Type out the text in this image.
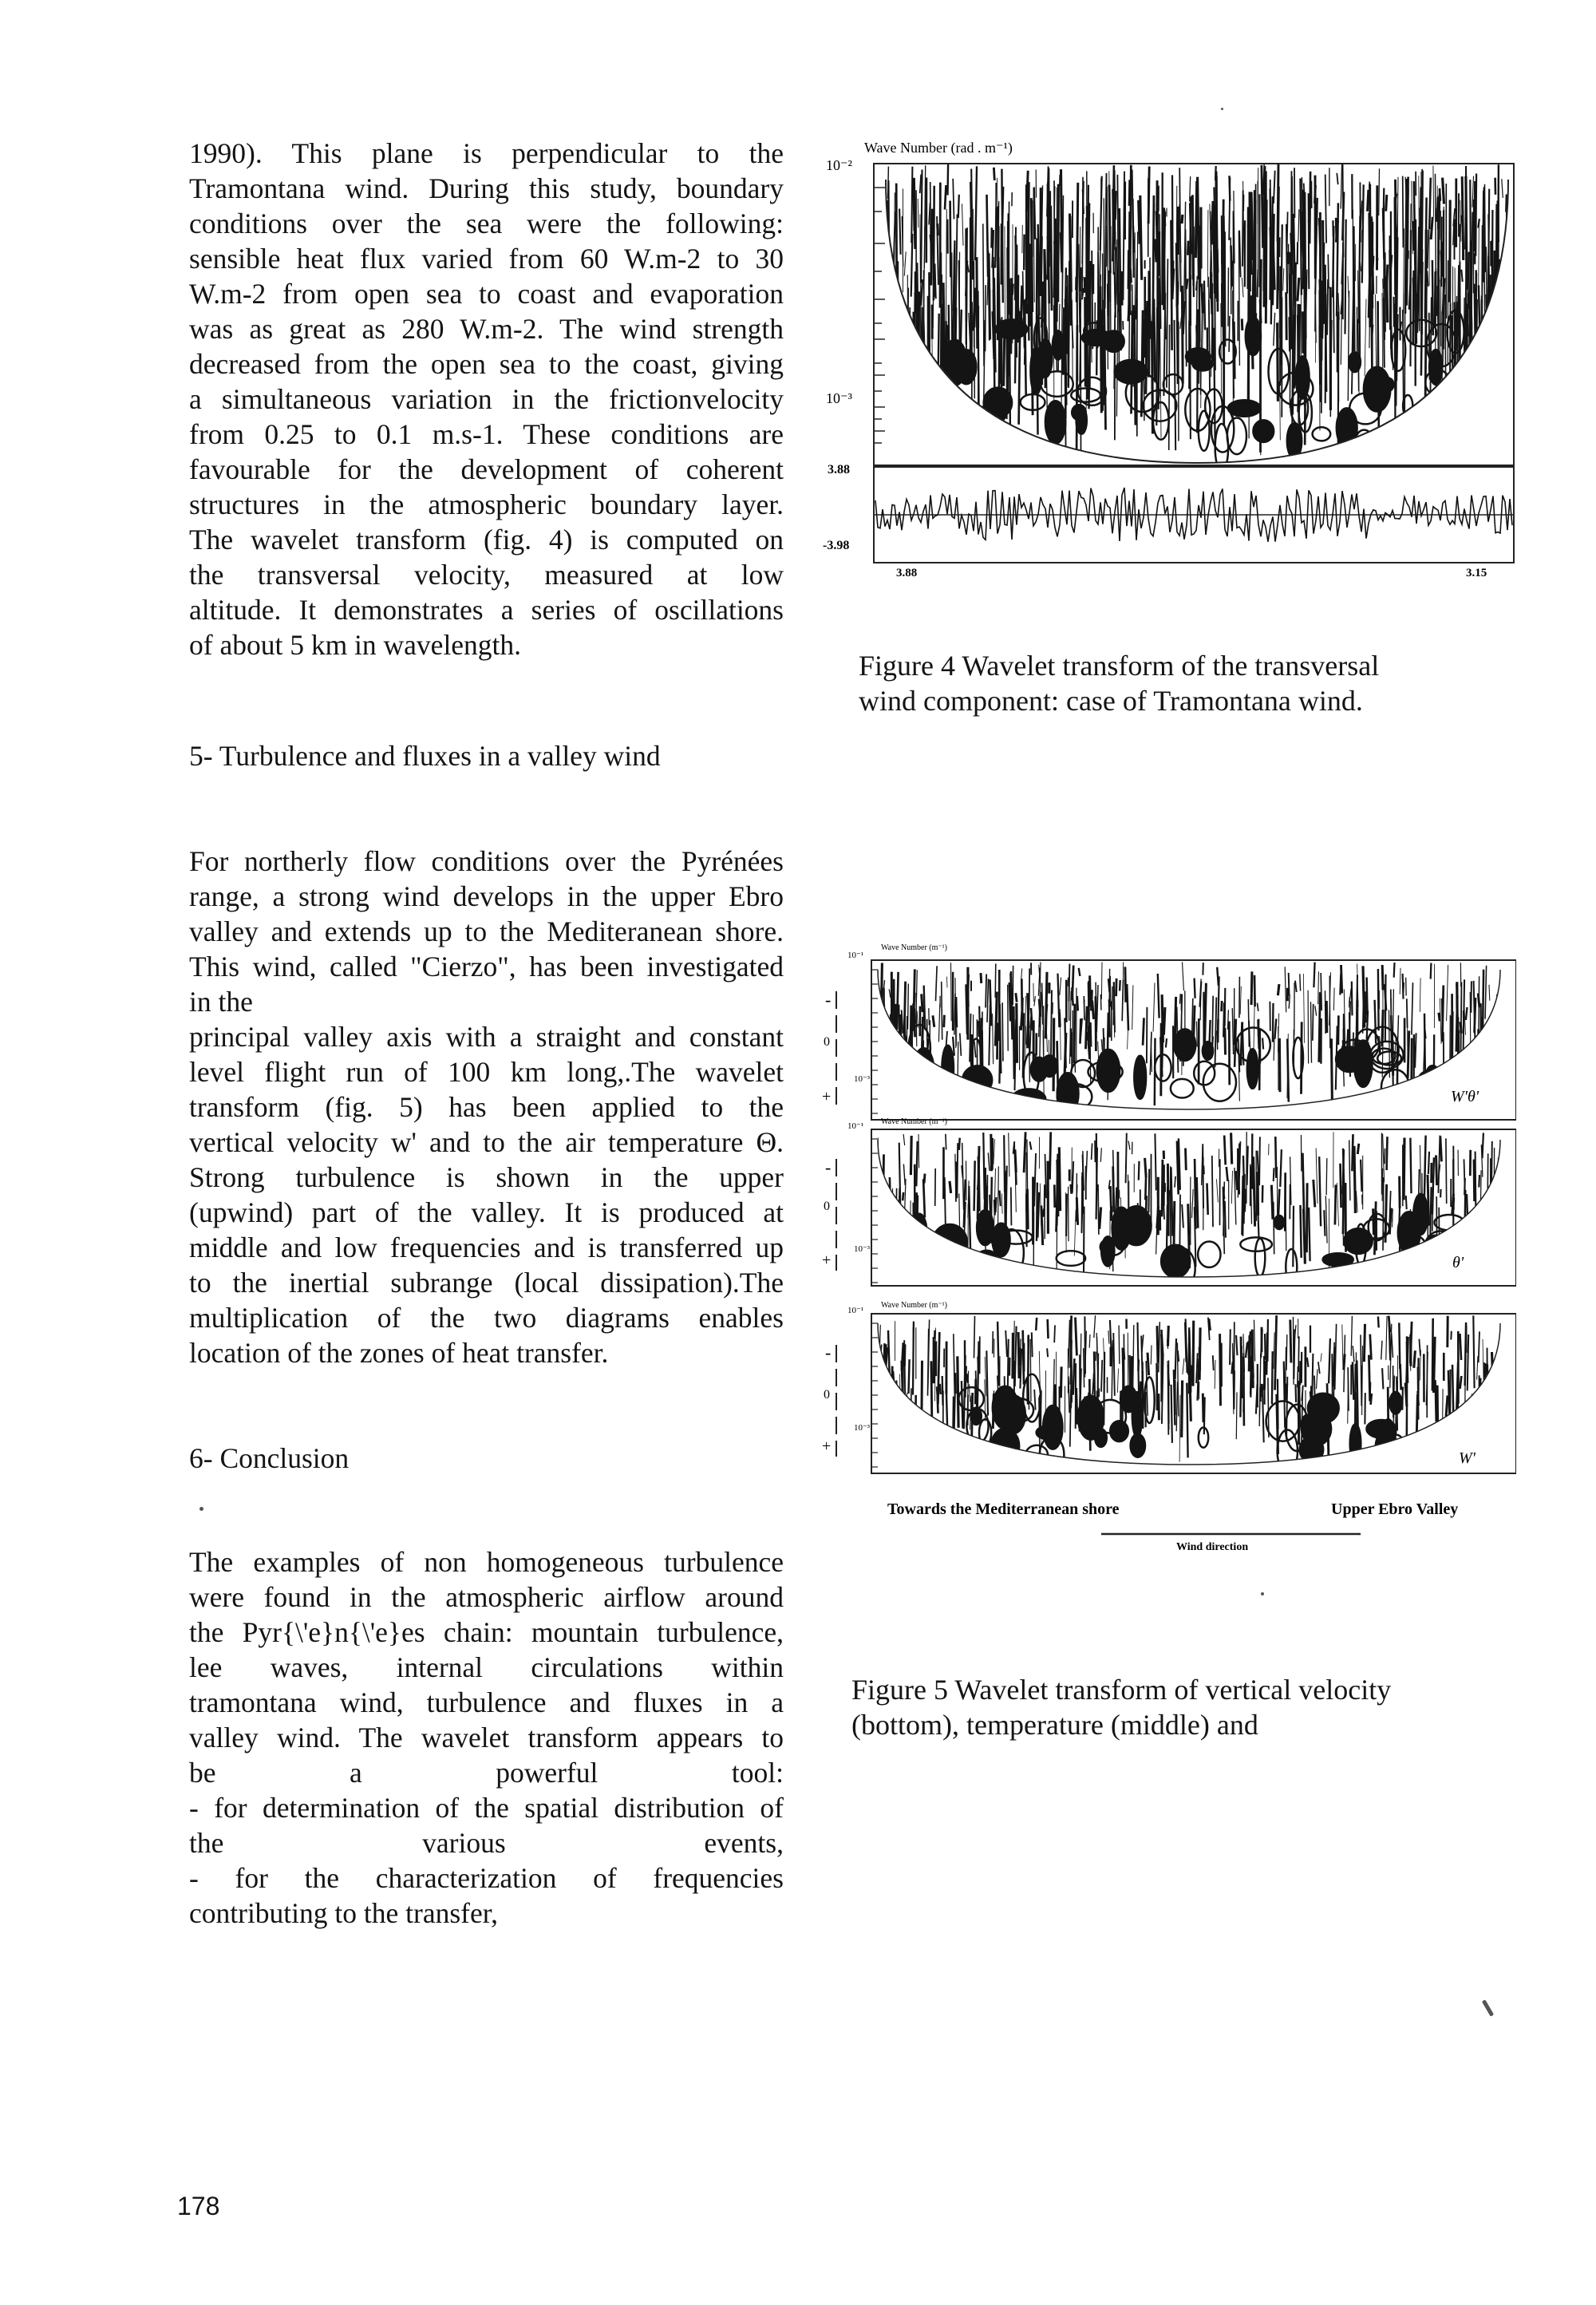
1990). This plane is perpendicular to the
Tramontana wind. During this study, boundary
conditions over the sea were the following:
sensible heat flux varied from 60 W.m-2 to 30
W.m-2 from open sea to coast and evaporation
was as great as 280 W.m-2. The wind strength
decreased from the open sea to the coast, giving
a simultaneous variation in the frictionvelocity
from 0.25 to 0.1 m.s-1. These conditions are
favourable for the development of coherent
structures in the atmospheric boundary layer.
The wavelet transform (fig. 4) is computed on
the transversal velocity, measured at low
altitude. It demonstrates a series of oscillations
of about 5 km in wavelength.
5- Turbulence and fluxes in a valley wind
For northerly flow conditions over the Pyrénées
range, a strong wind develops in the upper Ebro
valley and extends up to the Mediteranean shore.
This wind, called "Cierzo", has been investigated
in the
principal valley axis with a straight and constant
level flight run of 100 km long,.The wavelet
transform (fig. 5) has been applied to the
vertical velocity w' and to the air temperature Θ.
Strong turbulence is shown in the upper
(upwind) part of the valley. It is produced at
middle and low frequencies and is transferred up
to the inertial subrange (local dissipation).The
multiplication of the two diagrams enables
location of the zones of heat transfer.
6- Conclusion
The examples of non homogeneous turbulence
were found in the atmospheric airflow around
the Pyr{\'e}n{\'e}es chain: mountain turbulence,
lee waves, internal circulations within
tramontana wind, turbulence and fluxes in a
valley wind. The wavelet transform appears to
be a powerful tool:
- for determination of the spatial distribution of
the various events,
- for the characterization of frequencies
contributing to the transfer,
178
10⁻²
Wave Number (rad . m⁻¹)
10⁻³
3.88
-3.98
3.88	3.15
Figure 4 Wavelet transform of the transversal
wind component: case of Tramontana wind.
10⁻¹
Wave Number (m⁻¹)
10⁻³
W'θ'
-
0
+
10⁻¹ Wave Number (m⁻¹)
10⁻³
θ'
-
0
+
10⁻¹
Wave Number (m⁻¹)
10⁻³
W'
-
0
+
Towards the Mediterranean shore	Upper Ebro Valley
Wind direction
Figure 5 Wavelet transform of vertical velocity
(bottom), temperature (middle) and
